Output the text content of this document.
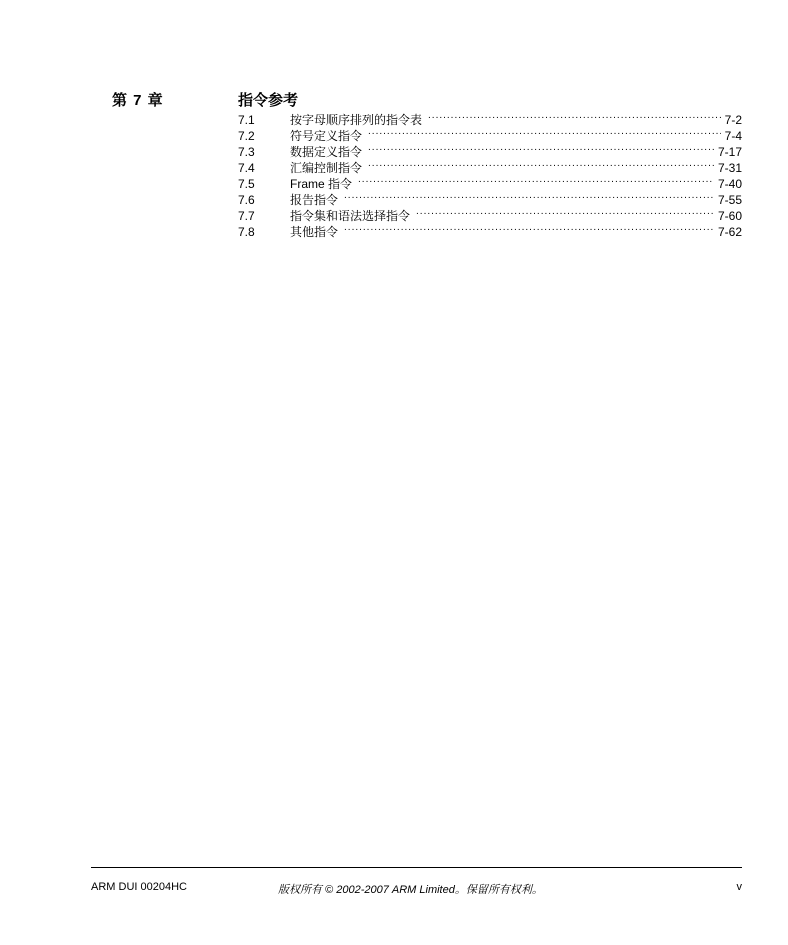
第 7 章	指令参考
7.1	按字母顺序排列的指令表 .....	7-2
7.2	符号定义指令 .....	7-4
7.3	数据定义指令 .....	7-17
7.4	汇编控制指令 .....	7-31
7.5	Frame 指令 .....	7-40
7.6	报告指令 .....	7-55
7.7	指令集和语法选择指令 .....	7-60
7.8	其他指令 .....	7-62
ARM DUI 00204HC	版权所有 © 2002-2007 ARM Limited。保留所有权利。	v
